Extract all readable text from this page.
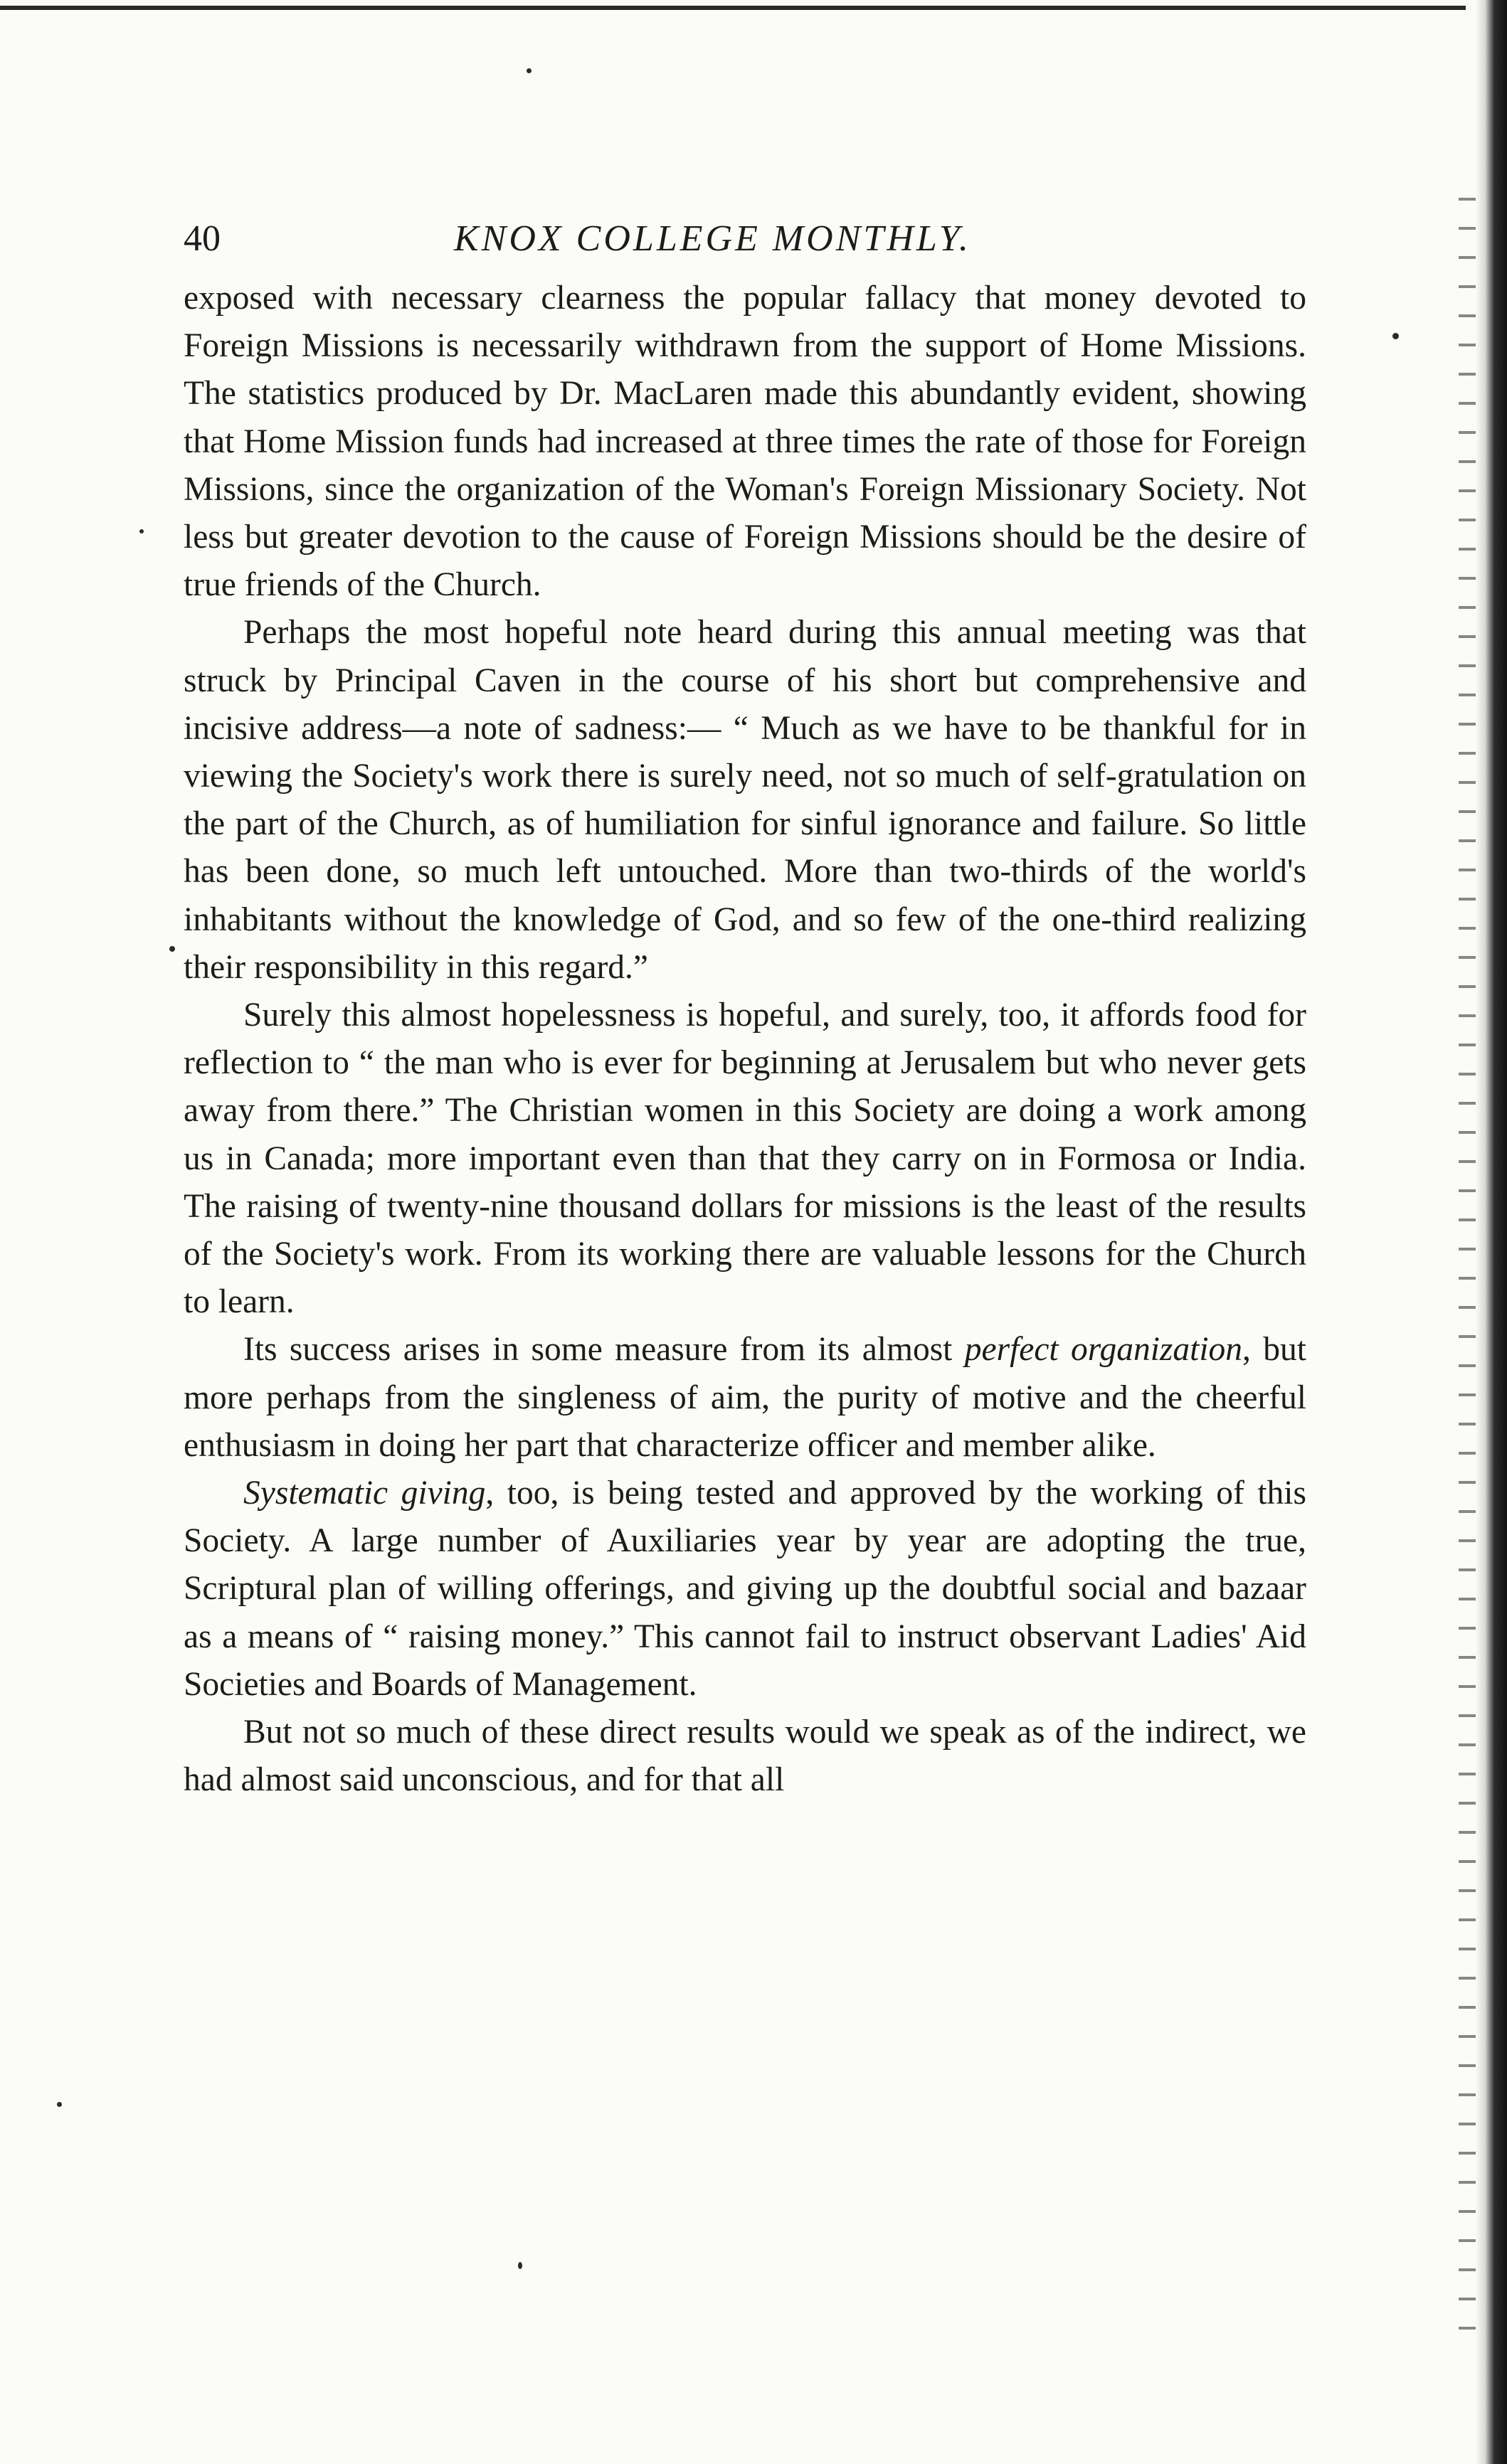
40	KNOX COLLEGE MONTHLY.

exposed with necessary clearness the popular fallacy that money devoted to Foreign Missions is necessarily withdrawn from the support of Home Missions. The statistics produced by Dr. MacLaren made this abundantly evident, showing that Home Mission funds had increased at three times the rate of those for Foreign Missions, since the organization of the Woman's Foreign Missionary Society. Not less but greater devotion to the cause of Foreign Missions should be the desire of true friends of the Church.

Perhaps the most hopeful note heard during this annual meeting was that struck by Principal Caven in the course of his short but comprehensive and incisive address—a note of sadness:— “ Much as we have to be thankful for in viewing the Society's work there is surely need, not so much of self-gratulation on the part of the Church, as of humiliation for sinful ignorance and failure. So little has been done, so much left untouched. More than two-thirds of the world's inhabitants without the knowledge of God, and so few of the one-third realizing their responsibility in this regard.”

Surely this almost hopelessness is hopeful, and surely, too, it affords food for reflection to “ the man who is ever for beginning at Jerusalem but who never gets away from there.” The Christian women in this Society are doing a work among us in Canada; more important even than that they carry on in Formosa or India. The raising of twenty-nine thousand dollars for missions is the least of the results of the Society's work. From its working there are valuable lessons for the Church to learn.

Its success arises in some measure from its almost perfect organization, but more perhaps from the singleness of aim, the purity of motive and the cheerful enthusiasm in doing her part that characterize officer and member alike.

Systematic giving, too, is being tested and approved by the working of this Society. A large number of Auxiliaries year by year are adopting the true, Scriptural plan of willing offerings, and giving up the doubtful social and bazaar as a means of “ raising money.” This cannot fail to instruct observant Ladies' Aid Societies and Boards of Management.

But not so much of these direct results would we speak as of the indirect, we had almost said unconscious, and for that all
